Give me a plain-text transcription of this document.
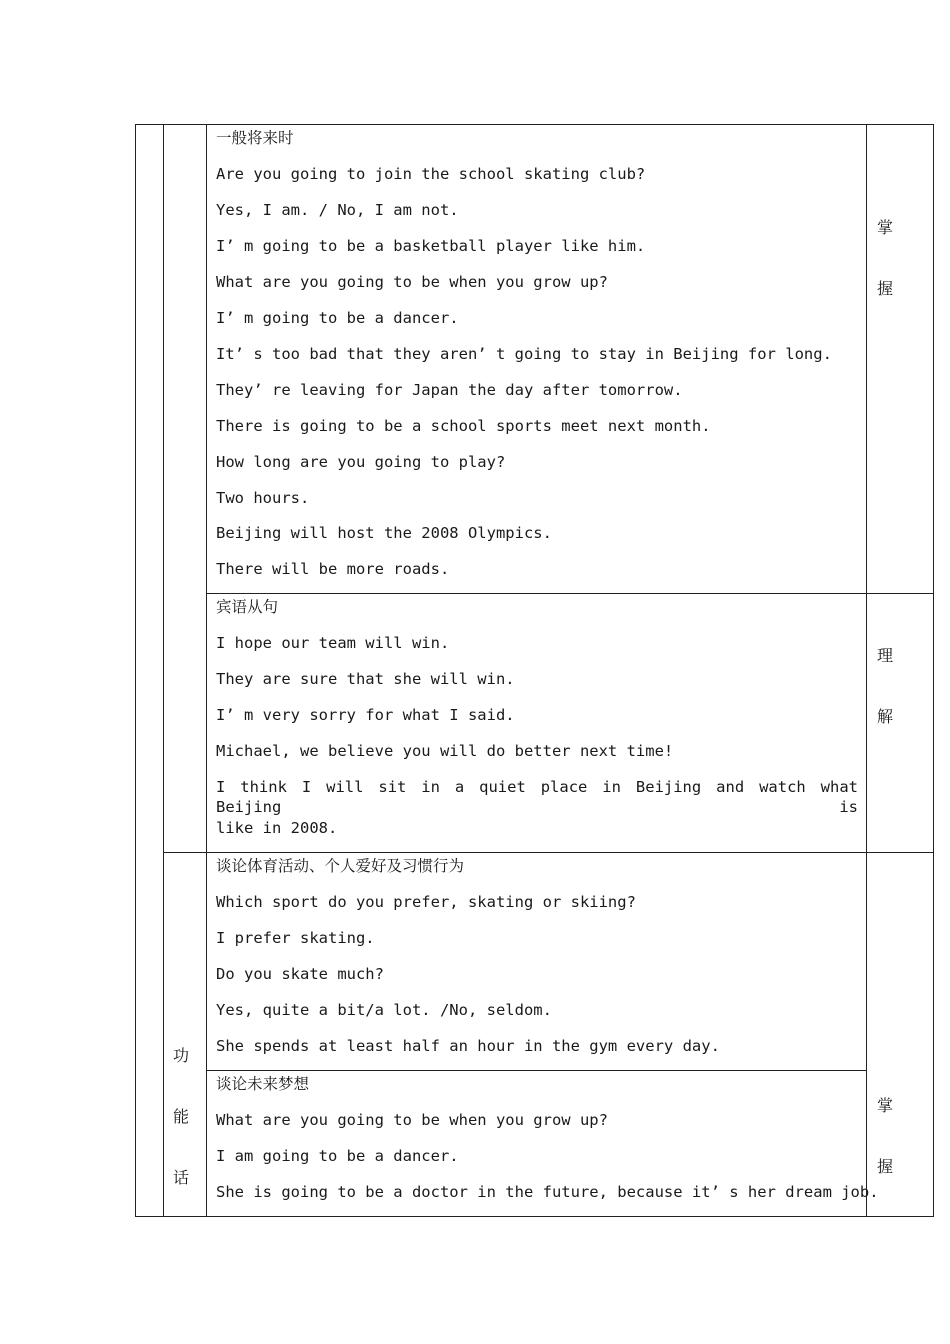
一般将来时
Are you going to join the school skating club?
Yes, I am. / No, I am not.
I’ m going to be a basketball player like him.
What are you going to be when you grow up?
I’ m going to be a dancer.
It’ s too bad that they aren’ t going to stay in Beijing for long.
They’ re leaving for Japan the day after tomorrow.
There is going to be a school sports meet next month.
How long are you going to play?
Two hours.
Beijing will host the 2008 Olympics.
There will be more roads.
掌
握
宾语从句
I hope our team will win.
They are sure that she will win.
I’ m very sorry for what I said.
Michael, we believe you will do better next time!
I think I will sit in a quiet place in Beijing and watch what Beijing is
like in 2008.
理
解
谈论体育活动、个人爱好及习惯行为
Which sport do you prefer, skating or skiing?
I prefer skating.
Do you skate much?
Yes, quite a bit/a lot. /No, seldom.
She spends at least half an hour in the gym every day.
谈论未来梦想
What are you going to be when you grow up?
I am going to be a dancer.
She is going to be a doctor in the future, because it’ s her dream job.
功
能
话
掌
握
